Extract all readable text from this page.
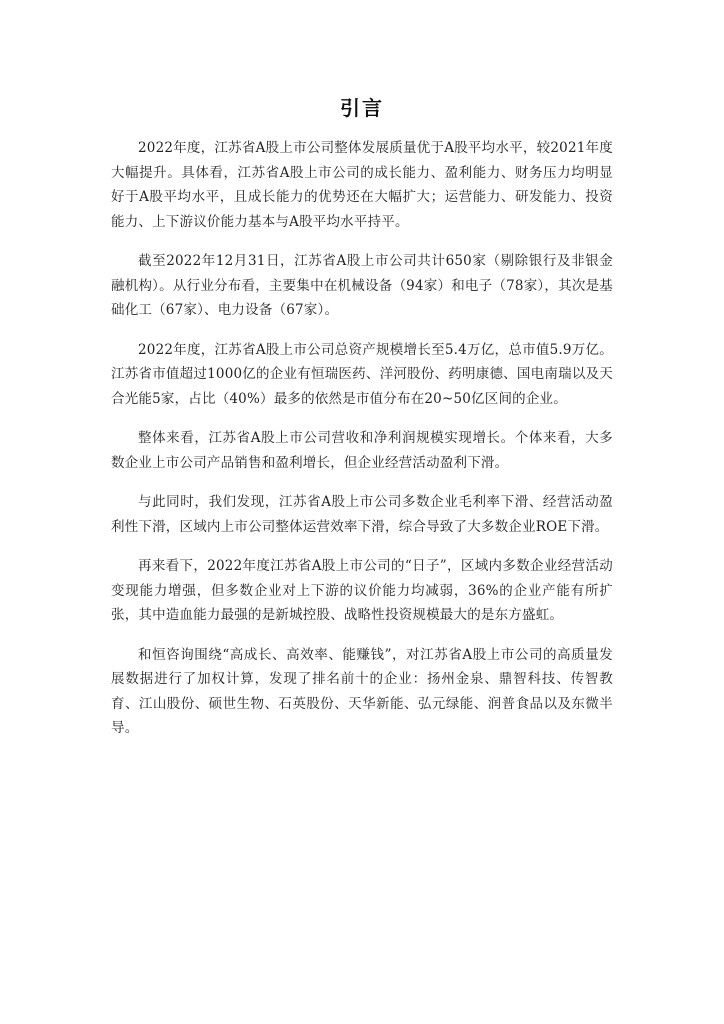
引言

2022年度，江苏省A股上市公司整体发展质量优于A股平均水平，较2021年度大幅提升。具体看，江苏省A股上市公司的成长能力、盈利能力、财务压力均明显好于A股平均水平，且成长能力的优势还在大幅扩大；运营能力、研发能力、投资能力、上下游议价能力基本与A股平均水平持平。

截至2022年12月31日，江苏省A股上市公司共计650家（剔除银行及非银金融机构）。从行业分布看，主要集中在机械设备（94家）和电子（78家），其次是基础化工（67家）、电力设备（67家）。

2022年度，江苏省A股上市公司总资产规模增长至5.4万亿，总市值5.9万亿。江苏省市值超过1000亿的企业有恒瑞医药、洋河股份、药明康德、国电南瑞以及天合光能5家，占比（40%）最多的依然是市值分布在20~50亿区间的企业。

整体来看，江苏省A股上市公司营收和净利润规模实现增长。个体来看，大多数企业上市公司产品销售和盈利增长，但企业经营活动盈利下滑。

与此同时，我们发现，江苏省A股上市公司多数企业毛利率下滑、经营活动盈利性下滑，区域内上市公司整体运营效率下滑，综合导致了大多数企业ROE下滑。

再来看下，2022年度江苏省A股上市公司的“日子”，区域内多数企业经营活动变现能力增强，但多数企业对上下游的议价能力均减弱，36%的企业产能有所扩张，其中造血能力最强的是新城控股、战略性投资规模最大的是东方盛虹。

和恒咨询围绕“高成长、高效率、能赚钱”，对江苏省A股上市公司的高质量发展数据进行了加权计算，发现了排名前十的企业：扬州金泉、鼎智科技、传智教育、江山股份、硕世生物、石英股份、天华新能、弘元绿能、润普食品以及东微半导。
